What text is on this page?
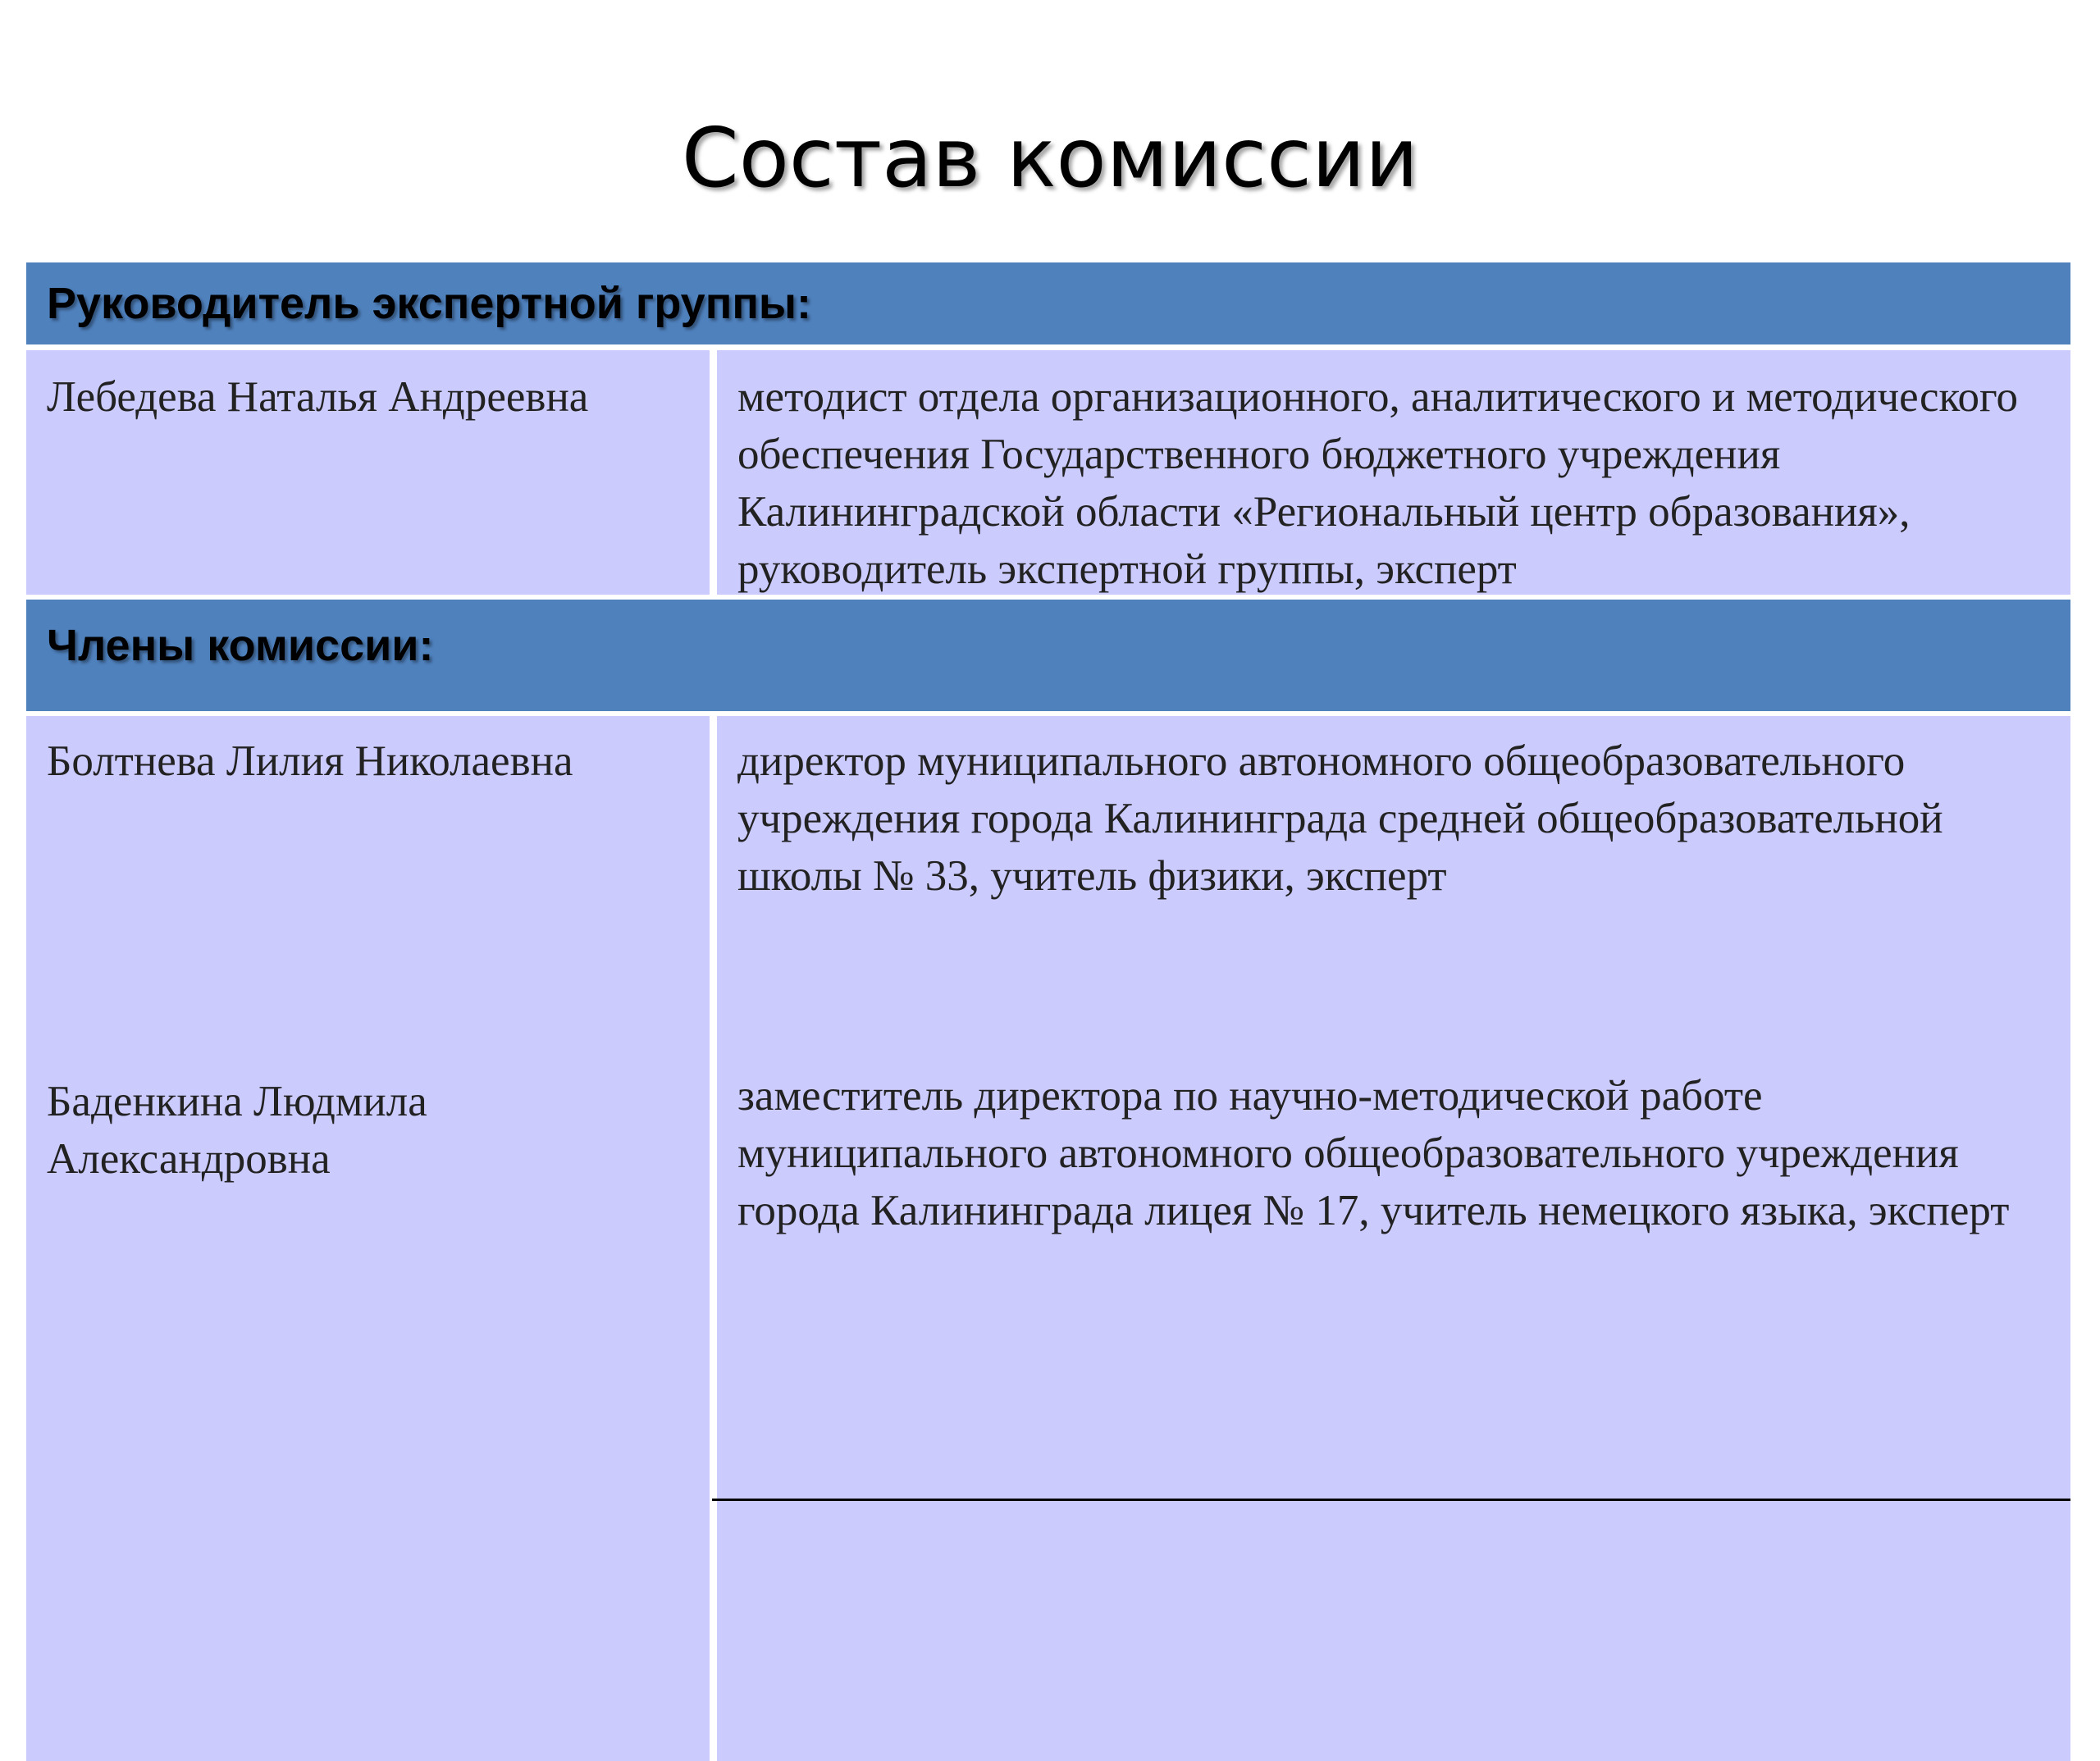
Состав комиссии
Руководитель экспертной группы:
Лебедева Наталья Андреевна	методист отдела организационного, аналитического и методического обеспечения Государственного бюджетного учреждения Калининградской области «Региональный центр образования», руководитель экспертной группы, эксперт
Члены комиссии:
Болтнева Лилия Николаевна
Баденкина Людмила Александровна
директор муниципального автономного общеобразовательного учреждения города Калининграда средней общеобразовательной школы № 33, учитель физики, эксперт
заместитель директора по научно-методической работе муниципального автономного общеобразовательного учреждения города Калининграда лицея № 17, учитель немецкого языка, эксперт
